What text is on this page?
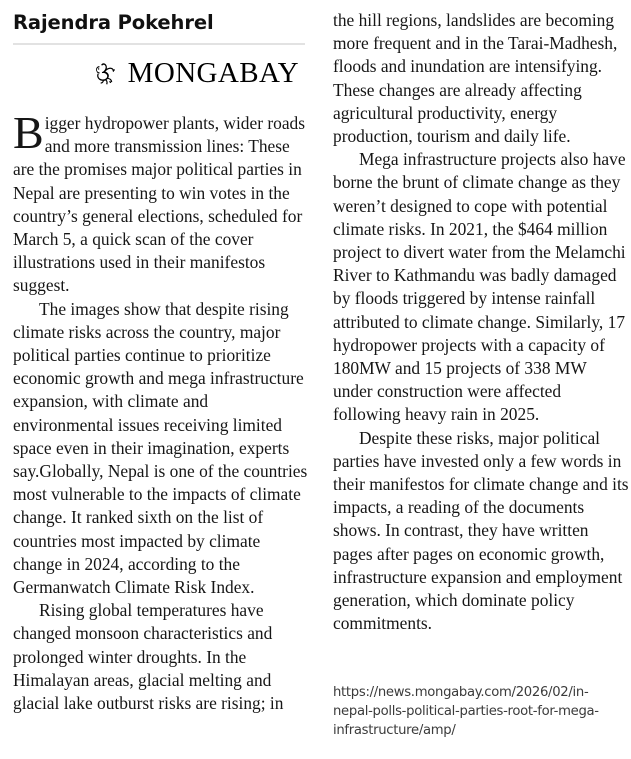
Rajendra Pokehrel
MONGABAY

Bigger hydropower plants, wider roads and more transmission lines: These are the promises major political parties in Nepal are presenting to win votes in the country’s general elections, scheduled for March 5, a quick scan of the cover illustrations used in their manifestos suggest.

The images show that despite rising climate risks across the country, major political parties continue to prioritize economic growth and mega infrastructure expansion, with climate and environmental issues receiving limited space even in their imagination, experts say.Globally, Nepal is one of the countries most vulnerable to the impacts of climate change. It ranked sixth on the list of countries most impacted by climate change in 2024, according to the Germanwatch Climate Risk Index.

Rising global temperatures have changed monsoon characteristics and prolonged winter droughts. In the Himalayan areas, glacial melting and glacial lake outburst risks are rising; in

the hill regions, landslides are becoming more frequent and in the Tarai-Madhesh, floods and inundation are intensifying. These changes are already affecting agricultural productivity, energy production, tourism and daily life.

Mega infrastructure projects also have borne the brunt of climate change as they weren’t designed to cope with potential climate risks. In 2021, the $464 million project to divert water from the Melamchi River to Kathmandu was badly damaged by floods triggered by intense rainfall attributed to climate change. Similarly, 17 hydropower projects with a capacity of 180MW and 15 projects of 338 MW under construction were affected following heavy rain in 2025.

Despite these risks, major political parties have invested only a few words in their manifestos for climate change and its impacts, a reading of the documents shows. In contrast, they have written pages after pages on economic growth, infrastructure expansion and employment generation, which dominate policy commitments.

https://news.mongabay.com/2026/02/in-nepal-polls-political-parties-root-for-mega-infrastructure/amp/
